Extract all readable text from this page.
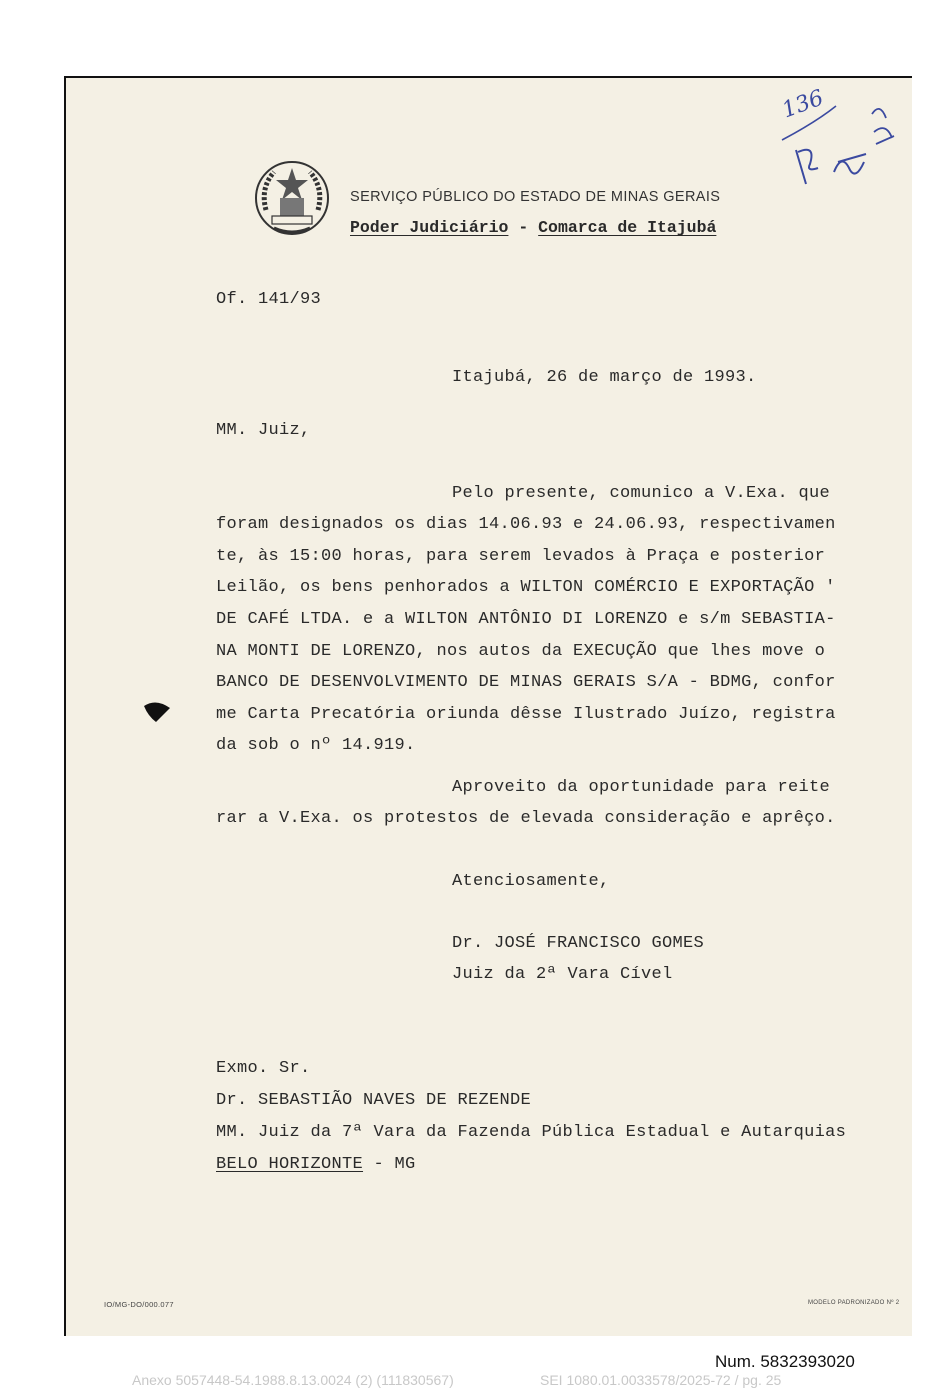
SERVIÇO PÚBLICO DO ESTADO DE MINAS GERAIS
Poder Judiciário - Comarca de Itajubá
136
Of. 141/93
Itajubá, 26 de março de 1993.
MM. Juiz,
Pelo presente, comunico a V.Exa. que
foram designados os dias 14.06.93 e 24.06.93, respectivamen
te, às 15:00 horas, para serem levados à Praça e posterior
Leilão, os bens penhorados a WILTON COMÉRCIO E EXPORTAÇÃO '
DE CAFÉ LTDA. e a WILTON ANTÔNIO DI LORENZO e s/m SEBASTIA-
NA MONTI DE LORENZO, nos autos da EXECUÇÃO que lhes move o
BANCO DE DESENVOLVIMENTO DE MINAS GERAIS S/A - BDMG, confor
me Carta Precatória oriunda dêsse Ilustrado Juízo, registra
da sob o nº 14.919.
Aproveito da oportunidade para reite
rar a V.Exa. os protestos de elevada consideração e aprêço.
Atenciosamente,
Dr. JOSÉ FRANCISCO GOMES
Juiz da 2ª Vara Cível
Exmo. Sr.
Dr. SEBASTIÃO NAVES DE REZENDE
MM. Juiz da 7ª Vara da Fazenda Pública Estadual e Autarquias
BELO HORIZONTE - MG
IO/MG-DO/000.077	MODELO PADRONIZADO Nº 2
Num. 5832393020
Anexo 5057448-54.1988.8.13.0024 (2) (111830567)	SEI 1080.01.0033578/2025-72 / pg. 25
